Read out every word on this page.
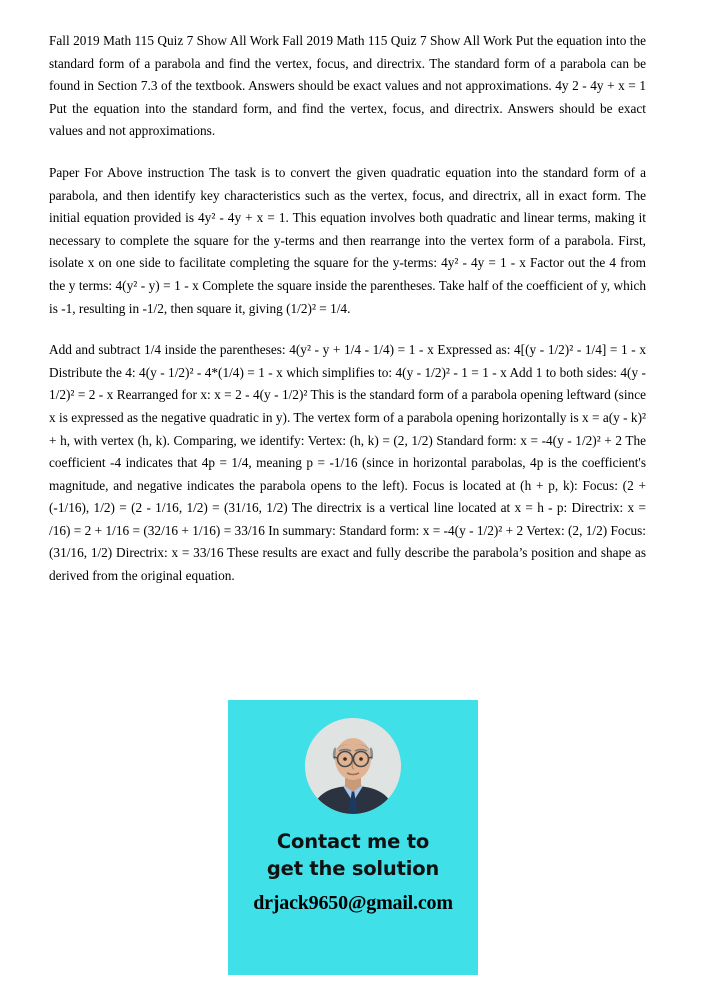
Fall 2019 Math 115 Quiz 7 Show All Work Fall 2019 Math 115 Quiz 7 Show All Work Put the equation into the standard form of a parabola and find the vertex, focus, and directrix. The standard form of a parabola can be found in Section 7.3 of the textbook. Answers should be exact values and not approximations. 4y 2 - 4y + x = 1 Put the equation into the standard form, and find the vertex, focus, and directrix. Answers should be exact values and not approximations.

Paper For Above instruction The task is to convert the given quadratic equation into the standard form of a parabola, and then identify key characteristics such as the vertex, focus, and directrix, all in exact form. The initial equation provided is 4y² - 4y + x = 1. This equation involves both quadratic and linear terms, making it necessary to complete the square for the y-terms and then rearrange into the vertex form of a parabola. First, isolate x on one side to facilitate completing the square for the y-terms: 4y² - 4y = 1 - x Factor out the 4 from the y terms: 4(y² - y) = 1 - x Complete the square inside the parentheses. Take half of the coefficient of y, which is -1, resulting in -1/2, then square it, giving (1/2)² = 1/4.

Add and subtract 1/4 inside the parentheses: 4(y² - y + 1/4 - 1/4) = 1 - x Expressed as: 4[(y - 1/2)² - 1/4] = 1 - x Distribute the 4: 4(y - 1/2)² - 4*(1/4) = 1 - x which simplifies to: 4(y - 1/2)² - 1 = 1 - x Add 1 to both sides: 4(y - 1/2)² = 2 - x Rearranged for x: x = 2 - 4(y - 1/2)² This is the standard form of a parabola opening leftward (since x is expressed as the negative quadratic in y). The vertex form of a parabola opening horizontally is x = a(y - k)² + h, with vertex (h, k). Comparing, we identify: Vertex: (h, k) = (2, 1/2) Standard form: x = -4(y - 1/2)² + 2 The coefficient -4 indicates that 4p = 1/4, meaning p = -1/16 (since in horizontal parabolas, 4p is the coefficient's magnitude, and negative indicates the parabola opens to the left). Focus is located at (h + p, k): Focus: (2 + (-1/16), 1/2) = (2 - 1/16, 1/2) = (31/16, 1/2) The directrix is a vertical line located at x = h - p: Directrix: x = /16) = 2 + 1/16 = (32/16 + 1/16) = 33/16 In summary: Standard form: x = -4(y - 1/2)² + 2 Vertex: (2, 1/2) Focus: (31/16, 1/2) Directrix: x = 33/16 These results are exact and fully describe the parabola’s position and shape as derived from the original equation.

Contact me to
get the solution
drjack9650@gmail.com
